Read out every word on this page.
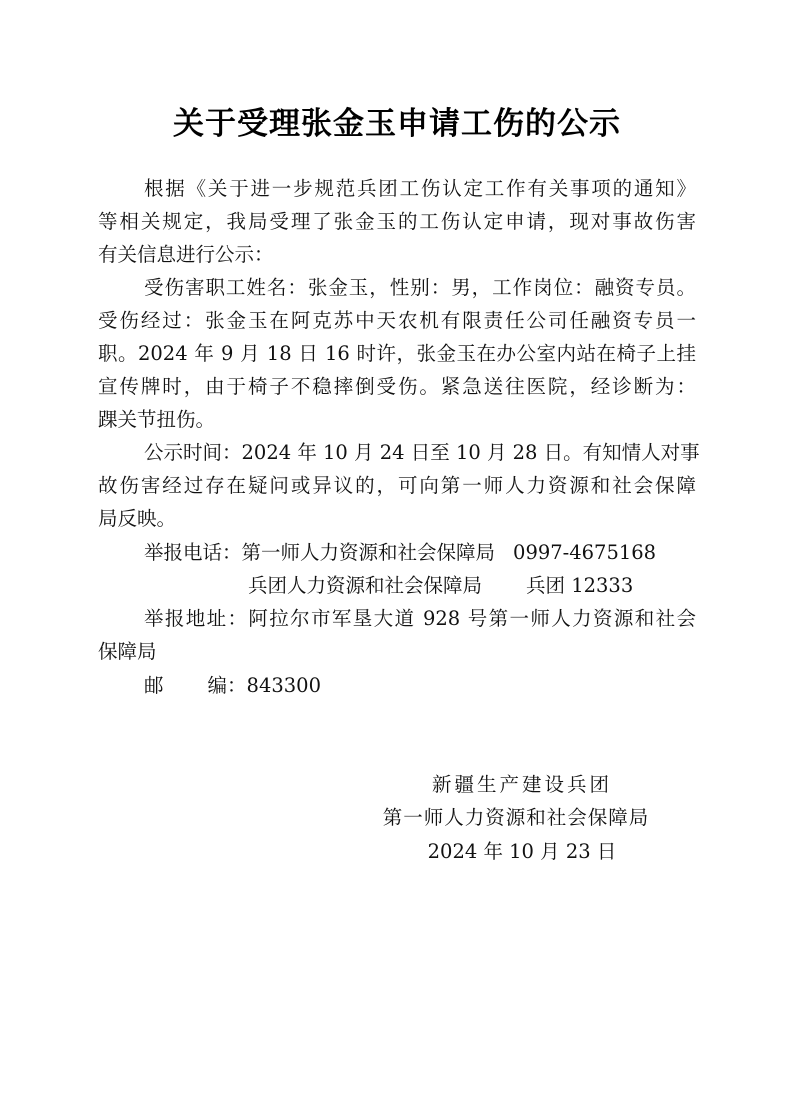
关于受理张金玉申请工伤的公示
根据《关于进一步规范兵团工伤认定工作有关事项的通知》
等相关规定，我局受理了张金玉的工伤认定申请，现对事故伤害
有关信息进行公示：
受伤害职工姓名：张金玉，性别：男，工作岗位：融资专员。
受伤经过：张金玉在阿克苏中天农机有限责任公司任融资专员一
职。2024 年 9 月 18 日 16 时许，张金玉在办公室内站在椅子上挂
宣传牌时，由于椅子不稳摔倒受伤。紧急送往医院，经诊断为：
踝关节扭伤。
公示时间：2024 年 10 月 24 日至 10 月 28 日。有知情人对事
故伤害经过存在疑问或异议的，可向第一师人力资源和社会保障
局反映。
举报电话：第一师人力资源和社会保障局 0997-4675168
兵团人力资源和社会保障局 兵团 12333
举报地址：阿拉尔市军垦大道 928 号第一师人力资源和社会
保障局
邮 编：843300
新疆生产建设兵团
第一师人力资源和社会保障局
2024 年 10 月 23 日
